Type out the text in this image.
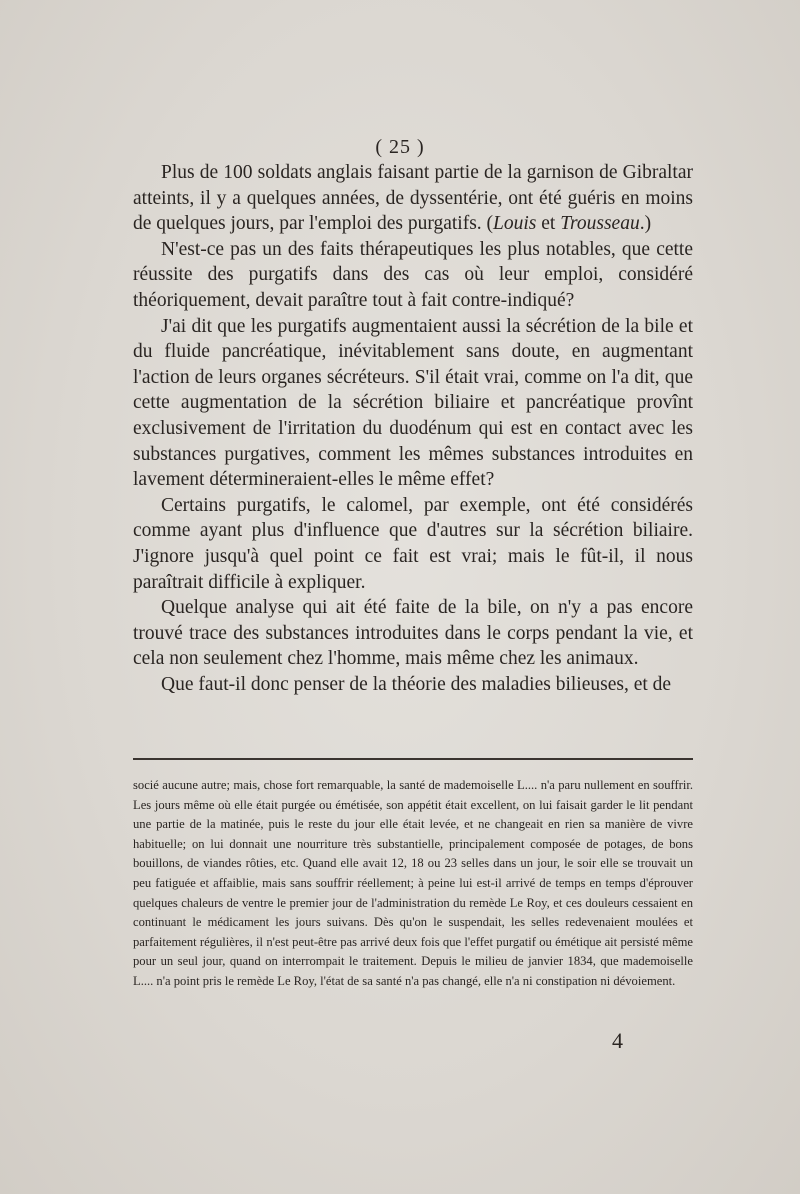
( 25 )

Plus de 100 soldats anglais faisant partie de la garnison de Gibraltar atteints, il y a quelques années, de dyssentérie, ont été guéris en moins de quelques jours, par l'emploi des purgatifs. (Louis et Trousseau.)

N'est-ce pas un des faits thérapeutiques les plus notables, que cette réussite des purgatifs dans des cas où leur emploi, considéré théoriquement, devait paraître tout à fait contre-indiqué?

J'ai dit que les purgatifs augmentaient aussi la sécrétion de la bile et du fluide pancréatique, inévitablement sans doute, en augmentant l'action de leurs organes sécréteurs. S'il était vrai, comme on l'a dit, que cette augmentation de la sécrétion biliaire et pancréatique provînt exclusivement de l'irritation du duodénum qui est en contact avec les substances purgatives, comment les mêmes substances introduites en lavement détermineraient-elles le même effet?

Certains purgatifs, le calomel, par exemple, ont été considérés comme ayant plus d'influence que d'autres sur la sécrétion biliaire. J'ignore jusqu'à quel point ce fait est vrai; mais le fût-il, il nous paraîtrait difficile à expliquer.

Quelque analyse qui ait été faite de la bile, on n'y a pas encore trouvé trace des substances introduites dans le corps pendant la vie, et cela non seulement chez l'homme, mais même chez les animaux.

Que faut-il donc penser de la théorie des maladies bilieuses, et de

socié aucune autre; mais, chose fort remarquable, la santé de mademoiselle L.... n'a paru nullement en souffrir. Les jours même où elle était purgée ou émétisée, son appétit était excellent, on lui faisait garder le lit pendant une partie de la matinée, puis le reste du jour elle était levée, et ne changeait en rien sa manière de vivre habituelle; on lui donnait une nourriture très substantielle, principalement composée de potages, de bons bouillons, de viandes rôties, etc. Quand elle avait 12, 18 ou 23 selles dans un jour, le soir elle se trouvait un peu fatiguée et affaiblie, mais sans souffrir réellement; à peine lui est-il arrivé de temps en temps d'éprouver quelques chaleurs de ventre le premier jour de l'administration du remède Le Roy, et ces douleurs cessaient en continuant le médicament les jours suivans. Dès qu'on le suspendait, les selles redevenaient moulées et parfaitement régulières, il n'est peut-être pas arrivé deux fois que l'effet purgatif ou émétique ait persisté même pour un seul jour, quand on interrompait le traitement. Depuis le milieu de janvier 1834, que mademoiselle L.... n'a point pris le remède Le Roy, l'état de sa santé n'a pas changé, elle n'a ni constipation ni dévoiement.
4
